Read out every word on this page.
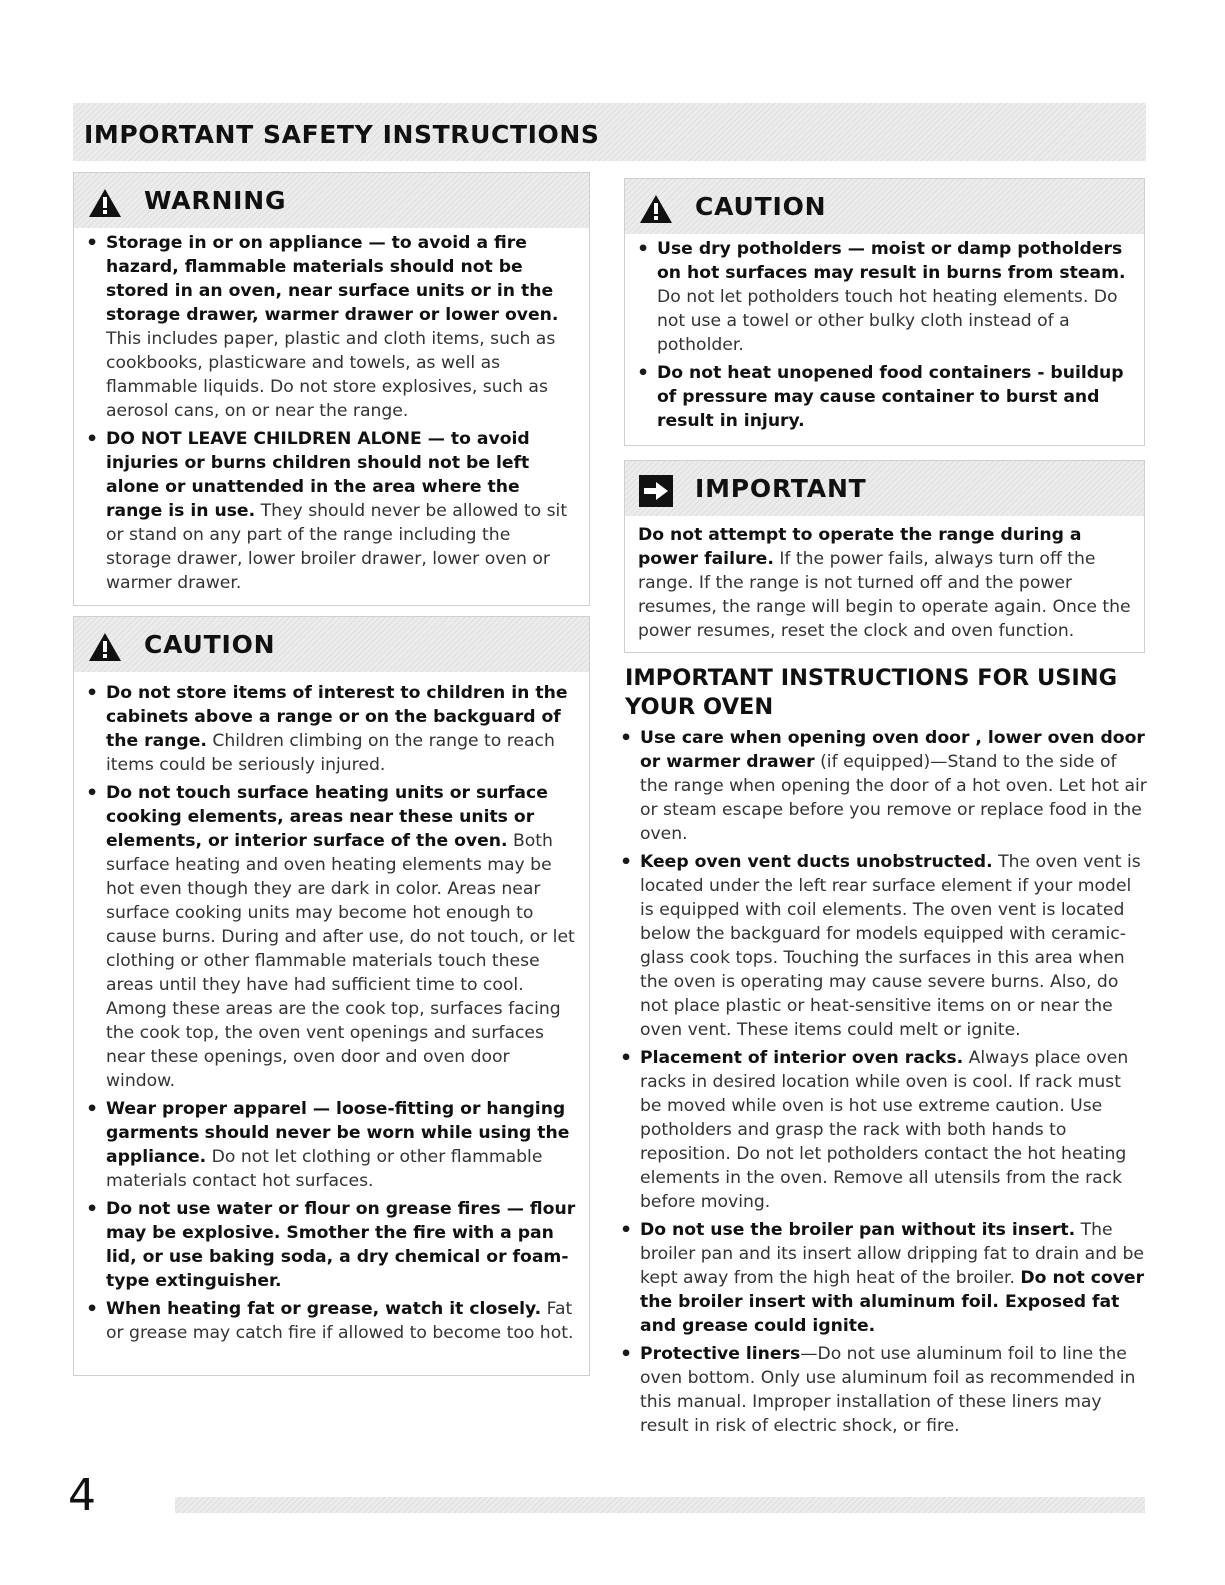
IMPORTANT SAFETY INSTRUCTIONS
WARNING
• Storage in or on appliance — to avoid a fire hazard, flammable materials should not be stored in an oven, near surface units or in the storage drawer, warmer drawer or lower oven. This includes paper, plastic and cloth items, such as cookbooks, plasticware and towels, as well as flammable liquids. Do not store explosives, such as aerosol cans, on or near the range.
• DO NOT LEAVE CHILDREN ALONE — to avoid injuries or burns children should not be left alone or unattended in the area where the range is in use. They should never be allowed to sit or stand on any part of the range including the storage drawer, lower broiler drawer, lower oven or warmer drawer.
CAUTION
• Do not store items of interest to children in the cabinets above a range or on the backguard of the range. Children climbing on the range to reach items could be seriously injured.
• Do not touch surface heating units or surface cooking elements, areas near these units or elements, or interior surface of the oven. Both surface heating and oven heating elements may be hot even though they are dark in color. Areas near surface cooking units may become hot enough to cause burns. During and after use, do not touch, or let clothing or other flammable materials touch these areas until they have had sufficient time to cool. Among these areas are the cook top, surfaces facing the cook top, the oven vent openings and surfaces near these openings, oven door and oven door window.
• Wear proper apparel — loose-fitting or hanging garments should never be worn while using the appliance. Do not let clothing or other flammable materials contact hot surfaces.
• Do not use water or flour on grease fires — flour may be explosive. Smother the fire with a pan lid, or use baking soda, a dry chemical or foam-type extinguisher.
• When heating fat or grease, watch it closely. Fat or grease may catch fire if allowed to become too hot.
CAUTION
• Use dry potholders — moist or damp potholders on hot surfaces may result in burns from steam. Do not let potholders touch hot heating elements. Do not use a towel or other bulky cloth instead of a potholder.
• Do not heat unopened food containers - buildup of pressure may cause container to burst and result in injury.
IMPORTANT
Do not attempt to operate the range during a power failure. If the power fails, always turn off the range. If the range is not turned off and the power resumes, the range will begin to operate again. Once the power resumes, reset the clock and oven function.
IMPORTANT INSTRUCTIONS FOR USING YOUR OVEN
• Use care when opening oven door , lower oven door or warmer drawer (if equipped)—Stand to the side of the range when opening the door of a hot oven. Let hot air or steam escape before you remove or replace food in the oven.
• Keep oven vent ducts unobstructed. The oven vent is located under the left rear surface element if your model is equipped with coil elements. The oven vent is located below the backguard for models equipped with ceramic-glass cook tops. Touching the surfaces in this area when the oven is operating may cause severe burns. Also, do not place plastic or heat-sensitive items on or near the oven vent. These items could melt or ignite.
• Placement of interior oven racks. Always place oven racks in desired location while oven is cool. If rack must be moved while oven is hot use extreme caution. Use potholders and grasp the rack with both hands to reposition. Do not let potholders contact the hot heating elements in the oven. Remove all utensils from the rack before moving.
• Do not use the broiler pan without its insert. The broiler pan and its insert allow dripping fat to drain and be kept away from the high heat of the broiler. Do not cover the broiler insert with aluminum foil. Exposed fat and grease could ignite.
• Protective liners—Do not use aluminum foil to line the oven bottom. Only use aluminum foil as recommended in this manual. Improper installation of these liners may result in risk of electric shock, or fire.
4
